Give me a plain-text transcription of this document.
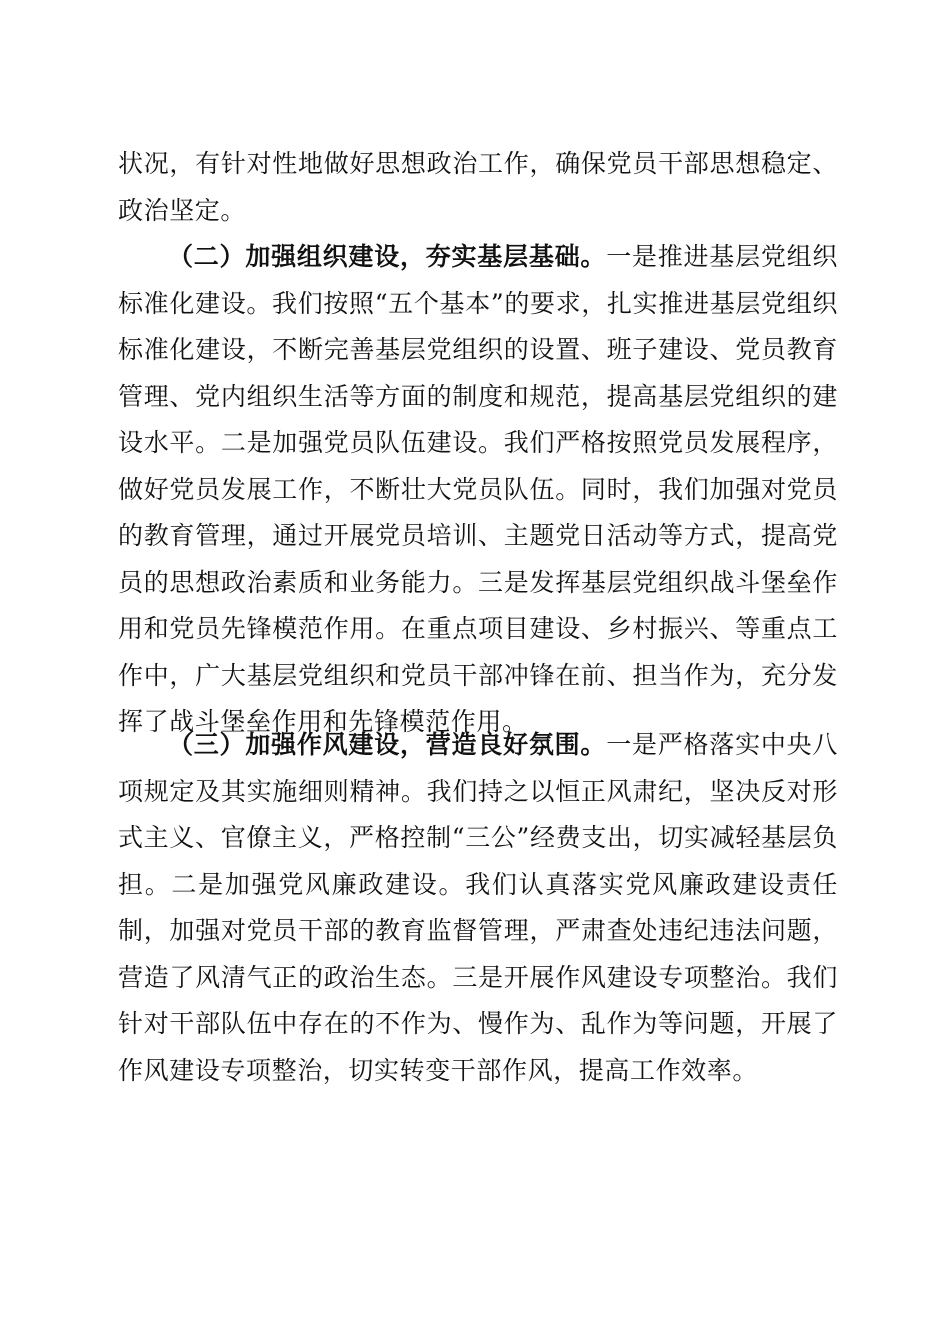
状况，有针对性地做好思想政治工作，确保党员干部思想稳定、政治坚定。

（二）加强组织建设，夯实基层基础。一是推进基层党组织标准化建设。我们按照“五个基本”的要求，扎实推进基层党组织标准化建设，不断完善基层党组织的设置、班子建设、党员教育管理、党内组织生活等方面的制度和规范，提高基层党组织的建设水平。二是加强党员队伍建设。我们严格按照党员发展程序，做好党员发展工作，不断壮大党员队伍。同时，我们加强对党员的教育管理，通过开展党员培训、主题党日活动等方式，提高党员的思想政治素质和业务能力。三是发挥基层党组织战斗堡垒作用和党员先锋模范作用。在重点项目建设、乡村振兴、等重点工作中，广大基层党组织和党员干部冲锋在前、担当作为，充分发挥了战斗堡垒作用和先锋模范作用。

（三）加强作风建设，营造良好氛围。一是严格落实中央八项规定及其实施细则精神。我们持之以恒正风肃纪，坚决反对形式主义、官僚主义，严格控制“三公”经费支出，切实减轻基层负担。二是加强党风廉政建设。我们认真落实党风廉政建设责任制，加强对党员干部的教育监督管理，严肃查处违纪违法问题，营造了风清气正的政治生态。三是开展作风建设专项整治。我们针对干部队伍中存在的不作为、慢作为、乱作为等问题，开展了作风建设专项整治，切实转变干部作风，提高工作效率。
